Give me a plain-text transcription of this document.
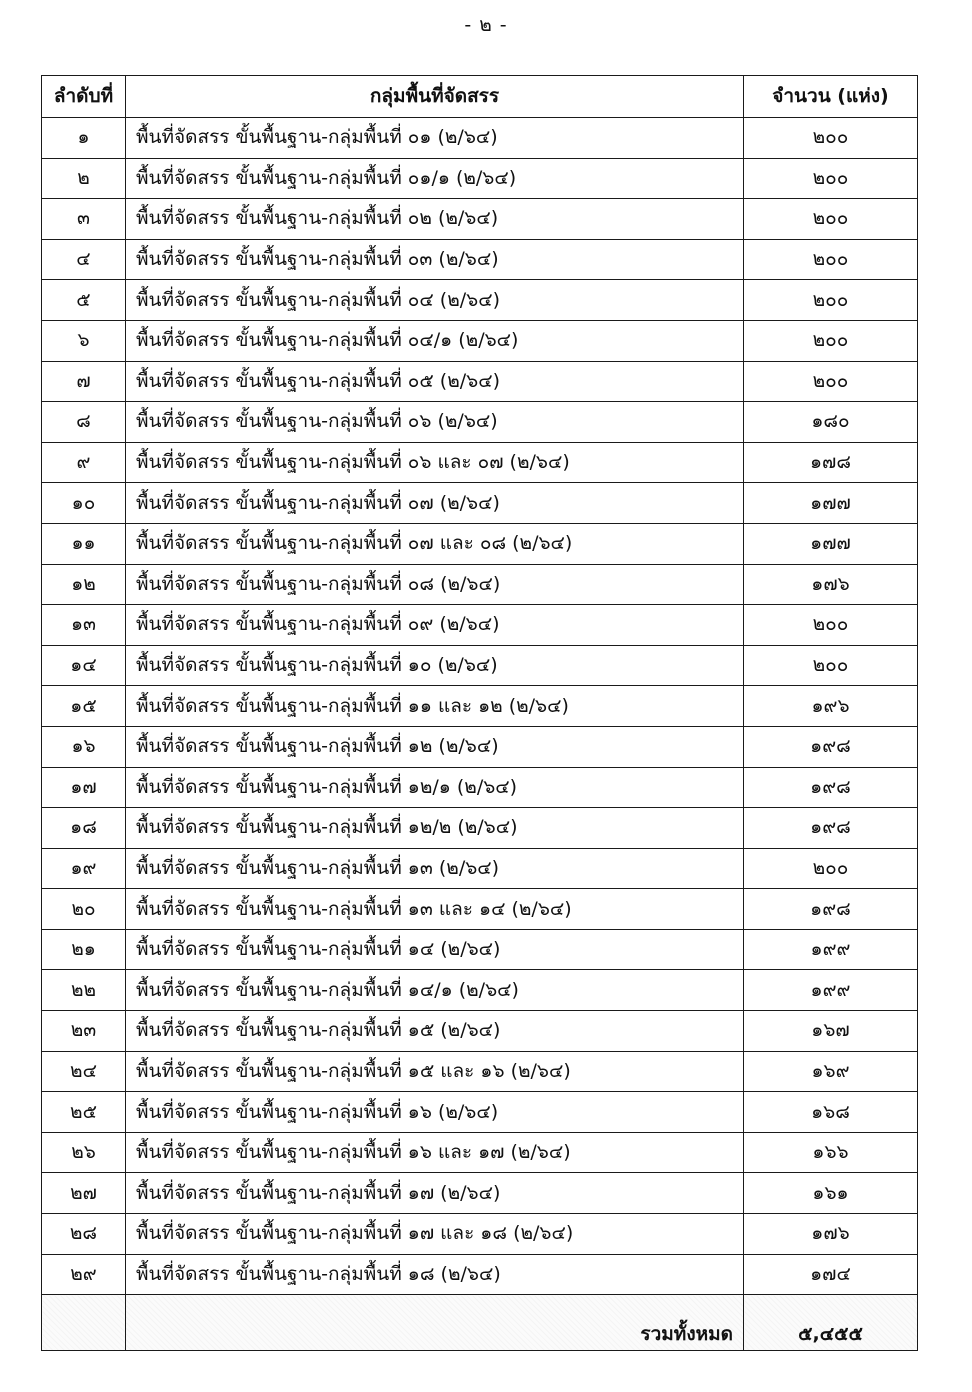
- ๒ -
ลำดับที่	กลุ่มพื้นที่จัดสรร	จำนวน (แห่ง)
๑	พื้นที่จัดสรร ขั้นพื้นฐาน-กลุ่มพื้นที่ ๐๑ (๒/๖๔)	๒๐๐
๒	พื้นที่จัดสรร ขั้นพื้นฐาน-กลุ่มพื้นที่ ๐๑/๑ (๒/๖๔)	๒๐๐
๓	พื้นที่จัดสรร ขั้นพื้นฐาน-กลุ่มพื้นที่ ๐๒ (๒/๖๔)	๒๐๐
๔	พื้นที่จัดสรร ขั้นพื้นฐาน-กลุ่มพื้นที่ ๐๓ (๒/๖๔)	๒๐๐
๕	พื้นที่จัดสรร ขั้นพื้นฐาน-กลุ่มพื้นที่ ๐๔ (๒/๖๔)	๒๐๐
๖	พื้นที่จัดสรร ขั้นพื้นฐาน-กลุ่มพื้นที่ ๐๔/๑ (๒/๖๔)	๒๐๐
๗	พื้นที่จัดสรร ขั้นพื้นฐาน-กลุ่มพื้นที่ ๐๕ (๒/๖๔)	๒๐๐
๘	พื้นที่จัดสรร ขั้นพื้นฐาน-กลุ่มพื้นที่ ๐๖ (๒/๖๔)	๑๘๐
๙	พื้นที่จัดสรร ขั้นพื้นฐาน-กลุ่มพื้นที่ ๐๖ และ ๐๗ (๒/๖๔)	๑๗๘
๑๐	พื้นที่จัดสรร ขั้นพื้นฐาน-กลุ่มพื้นที่ ๐๗ (๒/๖๔)	๑๗๗
๑๑	พื้นที่จัดสรร ขั้นพื้นฐาน-กลุ่มพื้นที่ ๐๗ และ ๐๘ (๒/๖๔)	๑๗๗
๑๒	พื้นที่จัดสรร ขั้นพื้นฐาน-กลุ่มพื้นที่ ๐๘ (๒/๖๔)	๑๗๖
๑๓	พื้นที่จัดสรร ขั้นพื้นฐาน-กลุ่มพื้นที่ ๐๙ (๒/๖๔)	๒๐๐
๑๔	พื้นที่จัดสรร ขั้นพื้นฐาน-กลุ่มพื้นที่ ๑๐ (๒/๖๔)	๒๐๐
๑๕	พื้นที่จัดสรร ขั้นพื้นฐาน-กลุ่มพื้นที่ ๑๑ และ ๑๒ (๒/๖๔)	๑๙๖
๑๖	พื้นที่จัดสรร ขั้นพื้นฐาน-กลุ่มพื้นที่ ๑๒ (๒/๖๔)	๑๙๘
๑๗	พื้นที่จัดสรร ขั้นพื้นฐาน-กลุ่มพื้นที่ ๑๒/๑ (๒/๖๔)	๑๙๘
๑๘	พื้นที่จัดสรร ขั้นพื้นฐาน-กลุ่มพื้นที่ ๑๒/๒ (๒/๖๔)	๑๙๘
๑๙	พื้นที่จัดสรร ขั้นพื้นฐาน-กลุ่มพื้นที่ ๑๓ (๒/๖๔)	๒๐๐
๒๐	พื้นที่จัดสรร ขั้นพื้นฐาน-กลุ่มพื้นที่ ๑๓ และ ๑๔ (๒/๖๔)	๑๙๘
๒๑	พื้นที่จัดสรร ขั้นพื้นฐาน-กลุ่มพื้นที่ ๑๔ (๒/๖๔)	๑๙๙
๒๒	พื้นที่จัดสรร ขั้นพื้นฐาน-กลุ่มพื้นที่ ๑๔/๑ (๒/๖๔)	๑๙๙
๒๓	พื้นที่จัดสรร ขั้นพื้นฐาน-กลุ่มพื้นที่ ๑๕ (๒/๖๔)	๑๖๗
๒๔	พื้นที่จัดสรร ขั้นพื้นฐาน-กลุ่มพื้นที่ ๑๕ และ ๑๖ (๒/๖๔)	๑๖๙
๒๕	พื้นที่จัดสรร ขั้นพื้นฐาน-กลุ่มพื้นที่ ๑๖ (๒/๖๔)	๑๖๘
๒๖	พื้นที่จัดสรร ขั้นพื้นฐาน-กลุ่มพื้นที่ ๑๖ และ ๑๗ (๒/๖๔)	๑๖๖
๒๗	พื้นที่จัดสรร ขั้นพื้นฐาน-กลุ่มพื้นที่ ๑๗ (๒/๖๔)	๑๖๑
๒๘	พื้นที่จัดสรร ขั้นพื้นฐาน-กลุ่มพื้นที่ ๑๗ และ ๑๘ (๒/๖๔)	๑๗๖
๒๙	พื้นที่จัดสรร ขั้นพื้นฐาน-กลุ่มพื้นที่ ๑๘ (๒/๖๔)	๑๗๔
	รวมทั้งหมด	๕,๔๕๕
